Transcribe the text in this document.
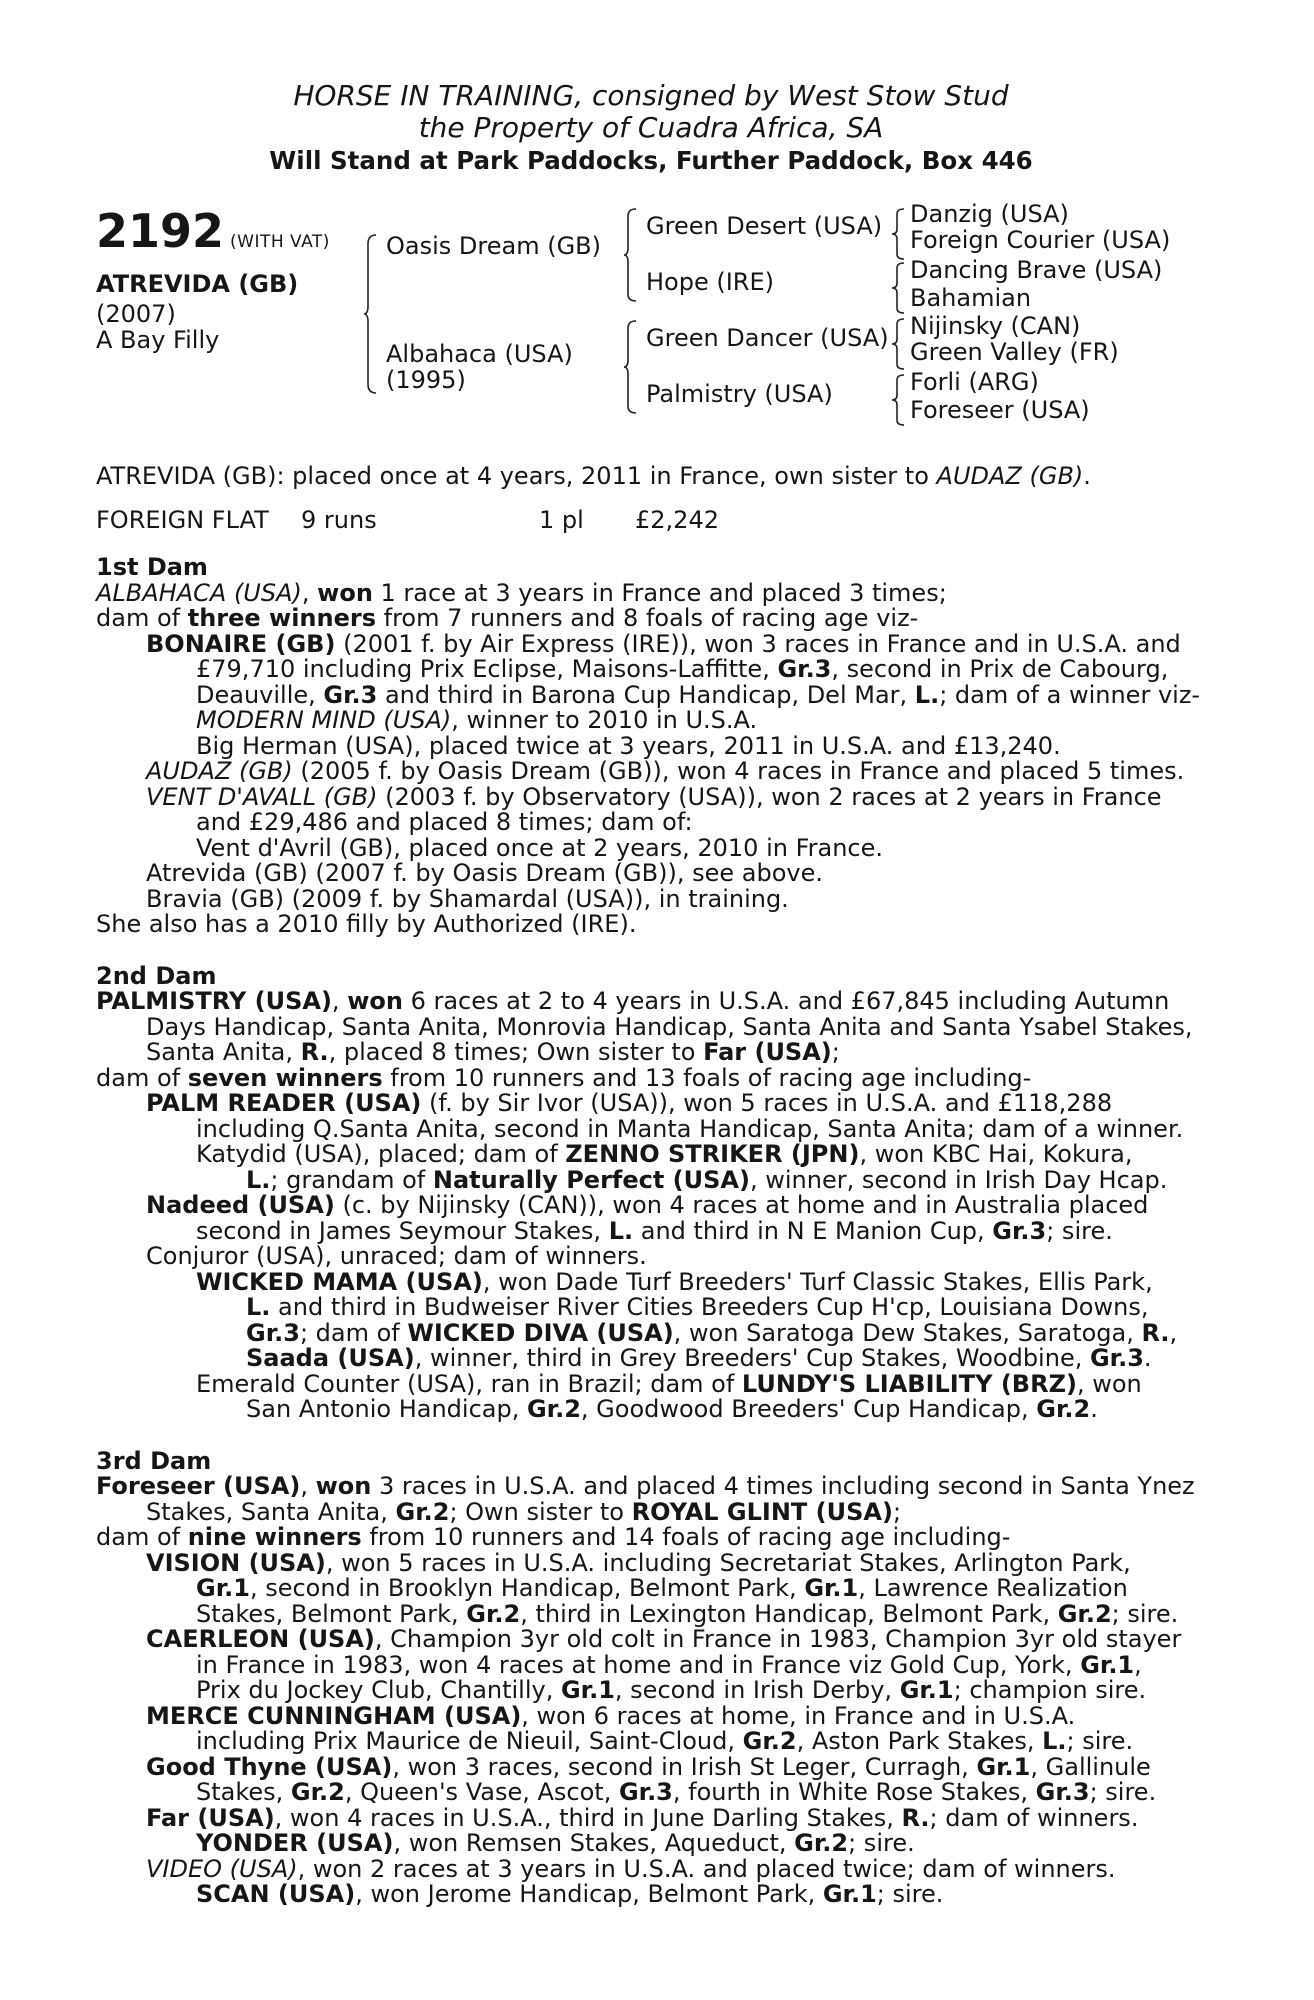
HORSE IN TRAINING, consigned by West Stow Stud
the Property of Cuadra Africa, SA
Will Stand at Park Paddocks, Further Paddock, Box 446
2192 (WITH VAT)
ATREVIDA (GB)
(2007)
A Bay Filly
Oasis Dream (GB)
Albahaca (USA)
(1995)
Green Desert (USA)
Hope (IRE)
Green Dancer (USA)
Palmistry (USA)
Danzig (USA)
Foreign Courier (USA)
Dancing Brave (USA)
Bahamian
Nijinsky (CAN)
Green Valley (FR)
Forli (ARG)
Foreseer (USA)
ATREVIDA (GB): placed once at 4 years, 2011 in France, own sister to AUDAZ (GB).
FOREIGN FLAT	9 runs	1 pl	£2,242
1st Dam
ALBAHACA (USA), won 1 race at 3 years in France and placed 3 times;
dam of three winners from 7 runners and 8 foals of racing age viz-
BONAIRE (GB) (2001 f. by Air Express (IRE)), won 3 races in France and in U.S.A. and
£79,710 including Prix Eclipse, Maisons-Laffitte, Gr.3, second in Prix de Cabourg,
Deauville, Gr.3 and third in Barona Cup Handicap, Del Mar, L.; dam of a winner viz-
MODERN MIND (USA), winner to 2010 in U.S.A.
Big Herman (USA), placed twice at 3 years, 2011 in U.S.A. and £13,240.
AUDAZ (GB) (2005 f. by Oasis Dream (GB)), won 4 races in France and placed 5 times.
VENT D'AVALL (GB) (2003 f. by Observatory (USA)), won 2 races at 2 years in France
and £29,486 and placed 8 times; dam of:
Vent d'Avril (GB), placed once at 2 years, 2010 in France.
Atrevida (GB) (2007 f. by Oasis Dream (GB)), see above.
Bravia (GB) (2009 f. by Shamardal (USA)), in training.
She also has a 2010 filly by Authorized (IRE).
2nd Dam
PALMISTRY (USA), won 6 races at 2 to 4 years in U.S.A. and £67,845 including Autumn
Days Handicap, Santa Anita, Monrovia Handicap, Santa Anita and Santa Ysabel Stakes,
Santa Anita, R., placed 8 times; Own sister to Far (USA);
dam of seven winners from 10 runners and 13 foals of racing age including-
PALM READER (USA) (f. by Sir Ivor (USA)), won 5 races in U.S.A. and £118,288
including Q.Santa Anita, second in Manta Handicap, Santa Anita; dam of a winner.
Katydid (USA), placed; dam of ZENNO STRIKER (JPN), won KBC Hai, Kokura,
L.; grandam of Naturally Perfect (USA), winner, second in Irish Day Hcap.
Nadeed (USA) (c. by Nijinsky (CAN)), won 4 races at home and in Australia placed
second in James Seymour Stakes, L. and third in N E Manion Cup, Gr.3; sire.
Conjuror (USA), unraced; dam of winners.
WICKED MAMA (USA), won Dade Turf Breeders' Turf Classic Stakes, Ellis Park,
L. and third in Budweiser River Cities Breeders Cup H'cp, Louisiana Downs,
Gr.3; dam of WICKED DIVA (USA), won Saratoga Dew Stakes, Saratoga, R.,
Saada (USA), winner, third in Grey Breeders' Cup Stakes, Woodbine, Gr.3.
Emerald Counter (USA), ran in Brazil; dam of LUNDY'S LIABILITY (BRZ), won
San Antonio Handicap, Gr.2, Goodwood Breeders' Cup Handicap, Gr.2.
3rd Dam
Foreseer (USA), won 3 races in U.S.A. and placed 4 times including second in Santa Ynez
Stakes, Santa Anita, Gr.2; Own sister to ROYAL GLINT (USA);
dam of nine winners from 10 runners and 14 foals of racing age including-
VISION (USA), won 5 races in U.S.A. including Secretariat Stakes, Arlington Park,
Gr.1, second in Brooklyn Handicap, Belmont Park, Gr.1, Lawrence Realization
Stakes, Belmont Park, Gr.2, third in Lexington Handicap, Belmont Park, Gr.2; sire.
CAERLEON (USA), Champion 3yr old colt in France in 1983, Champion 3yr old stayer
in France in 1983, won 4 races at home and in France viz Gold Cup, York, Gr.1,
Prix du Jockey Club, Chantilly, Gr.1, second in Irish Derby, Gr.1; champion sire.
MERCE CUNNINGHAM (USA), won 6 races at home, in France and in U.S.A.
including Prix Maurice de Nieuil, Saint-Cloud, Gr.2, Aston Park Stakes, L.; sire.
Good Thyne (USA), won 3 races, second in Irish St Leger, Curragh, Gr.1, Gallinule
Stakes, Gr.2, Queen's Vase, Ascot, Gr.3, fourth in White Rose Stakes, Gr.3; sire.
Far (USA), won 4 races in U.S.A., third in June Darling Stakes, R.; dam of winners.
YONDER (USA), won Remsen Stakes, Aqueduct, Gr.2; sire.
VIDEO (USA), won 2 races at 3 years in U.S.A. and placed twice; dam of winners.
SCAN (USA), won Jerome Handicap, Belmont Park, Gr.1; sire.
